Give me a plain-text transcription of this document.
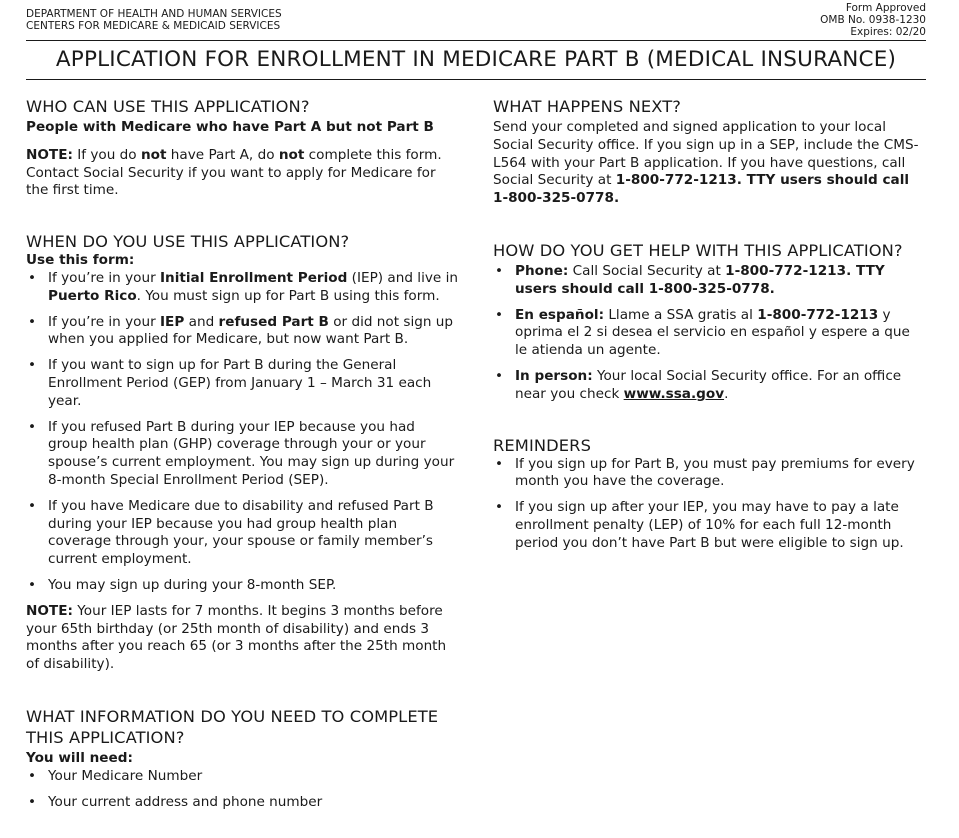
DEPARTMENT OF HEALTH AND HUMAN SERVICES
CENTERS FOR MEDICARE & MEDICAID SERVICES
Form Approved
OMB No. 0938-1230
Expires: 02/20
APPLICATION FOR ENROLLMENT IN MEDICARE PART B (MEDICAL INSURANCE)
WHO CAN USE THIS APPLICATION?

People with Medicare who have Part A but not Part B

NOTE: If you do not have Part A, do not complete this form. Contact Social Security if you want to apply for Medicare for the first time.

WHEN DO YOU USE THIS APPLICATION?

Use this form:

• If you’re in your Initial Enrollment Period (IEP) and live in Puerto Rico. You must sign up for Part B using this form.
• If you’re in your IEP and refused Part B or did not sign up when you applied for Medicare, but now want Part B.
• If you want to sign up for Part B during the General Enrollment Period (GEP) from January 1 – March 31 each year.
• If you refused Part B during your IEP because you had group health plan (GHP) coverage through your or your spouse’s current employment. You may sign up during your 8-month Special Enrollment Period (SEP).
• If you have Medicare due to disability and refused Part B during your IEP because you had group health plan coverage through your, your spouse or family member’s current employment.
• You may sign up during your 8-month SEP.

NOTE: Your IEP lasts for 7 months. It begins 3 months before your 65th birthday (or 25th month of disability) and ends 3 months after you reach 65 (or 3 months after the 25th month of disability).

WHAT INFORMATION DO YOU NEED TO COMPLETE THIS APPLICATION?

You will need:

• Your Medicare Number
• Your current address and phone number
WHAT HAPPENS NEXT?

Send your completed and signed application to your local Social Security office. If you sign up in a SEP, include the CMS-L564 with your Part B application. If you have questions, call Social Security at 1-800-772-1213. TTY users should call 1-800-325-0778.

HOW DO YOU GET HELP WITH THIS APPLICATION?
• Phone: Call Social Security at 1-800-772-1213. TTY users should call 1-800-325-0778.
• En español: Llame a SSA gratis al 1-800-772-1213 y oprima el 2 si desea el servicio en español y espere a que le atienda un agente.
• In person: Your local Social Security office. For an office near you check www.ssa.gov.
REMINDERS
• If you sign up for Part B, you must pay premiums for every month you have the coverage.
• If you sign up after your IEP, you may have to pay a late enrollment penalty (LEP) of 10% for each full 12-month period you don’t have Part B but were eligible to sign up.
